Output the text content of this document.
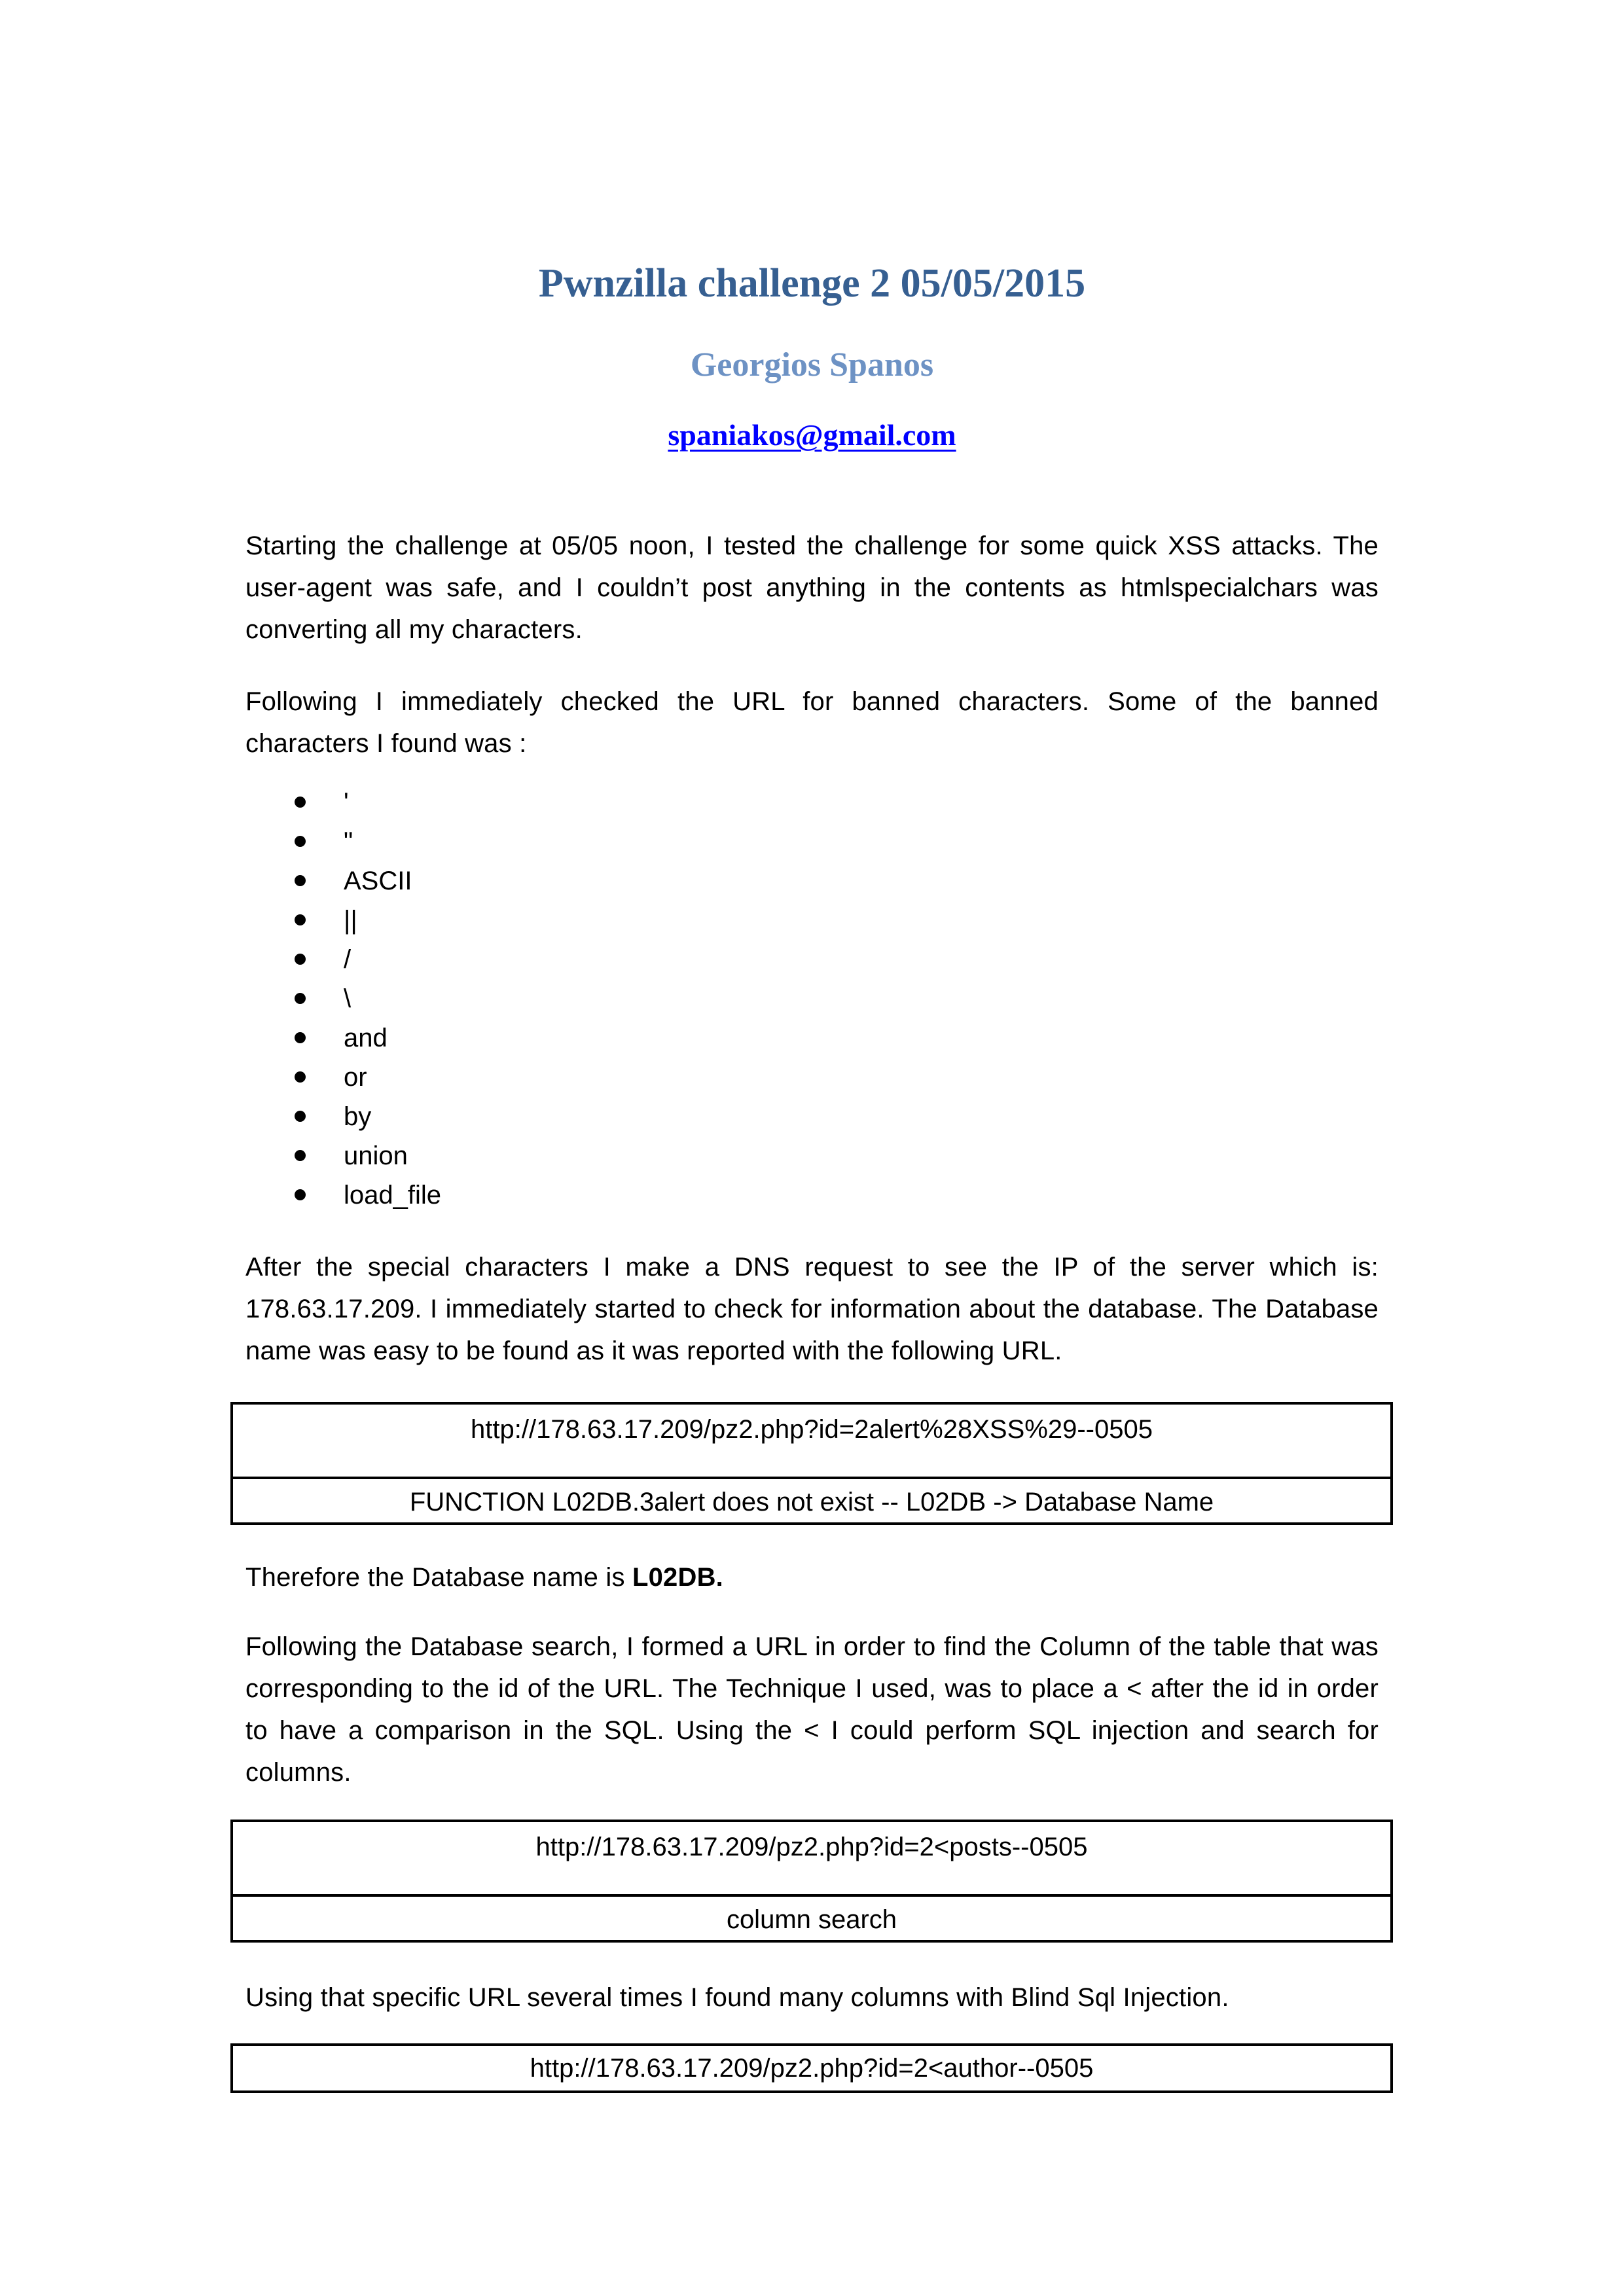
Pwnzilla challenge 2 05/05/2015
Georgios Spanos
spaniakos@gmail.com
Starting the challenge at 05/05 noon, I tested the challenge for some quick XSS attacks. The user-agent was safe, and I couldn’t post anything in the contents as htmlspecialchars was converting all my characters.
Following I immediately checked the URL for banned characters. Some of the banned characters I found was :
'
"
ASCII
||
/
\
and
or
by
union
load_file
After the special characters I make a DNS request to see the IP of the server which is: 178.63.17.209. I immediately started to check for information about the database. The Database name was easy to be found as it was reported with the following URL.
http://178.63.17.209/pz2.php?id=2alert%28XSS%29--0505
FUNCTION L02DB.3alert does not exist -- L02DB -> Database Name
Therefore the Database name is L02DB.
Following the Database search, I formed a URL in order to find the Column of the table that was corresponding to the id of the URL. The Technique I used, was to place a < after the id in order to have a comparison in the SQL. Using the < I could perform SQL injection and search for columns.
http://178.63.17.209/pz2.php?id=2<posts--0505
column search
Using that specific URL several times I found many columns with Blind Sql Injection.
http://178.63.17.209/pz2.php?id=2<author--0505
